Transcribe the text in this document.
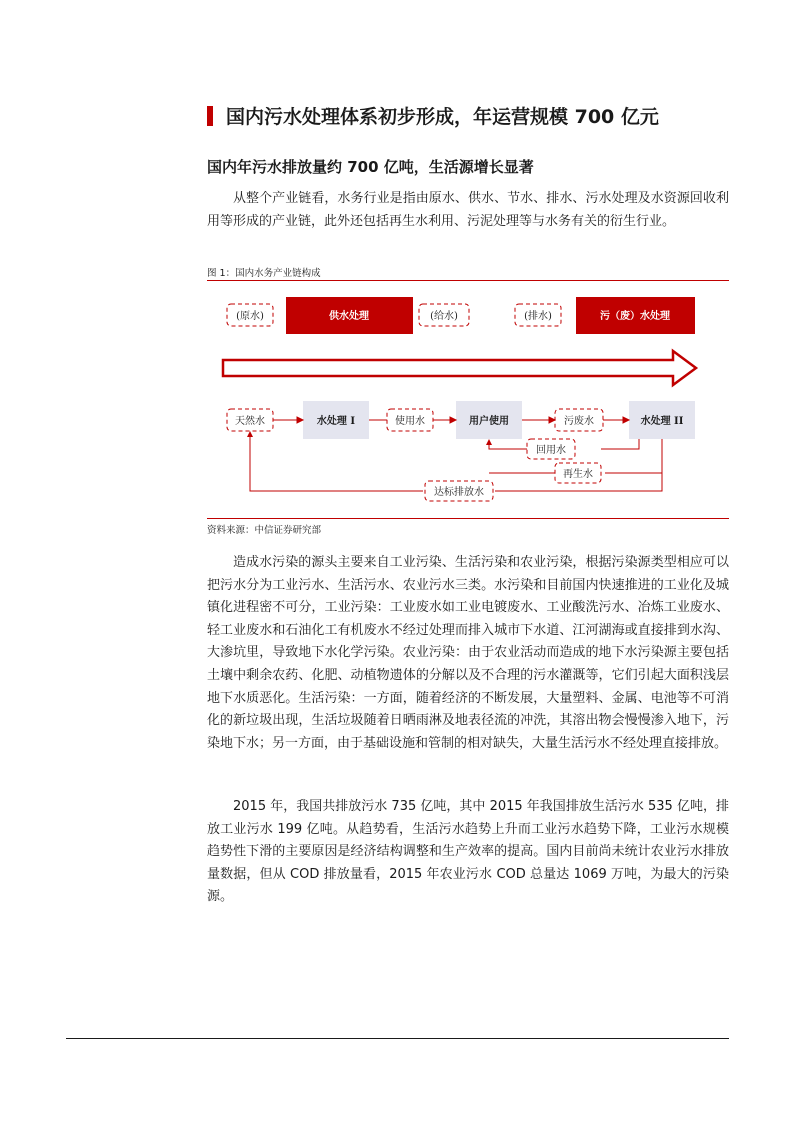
国内污水处理体系初步形成，年运营规模 700 亿元
国内年污水排放量约 700 亿吨，生活源增长显著

从整个产业链看，水务行业是指由原水、供水、节水、排水、污水处理及水资源回收利用等形成的产业链，此外还包括再生水利用、污泥处理等与水务有关的衍生行业。

图 1：国内水务产业链构成
(原水)	供水处理	(给水)	(排水)	污（废）水处理
天然水	水处理 I	使用水	用户使用	污废水	水处理 II
回用水
再生水
达标排放水
资料来源：中信证券研究部

造成水污染的源头主要来自工业污染、生活污染和农业污染，根据污染源类型相应可以把污水分为工业污水、生活污水、农业污水三类。水污染和目前国内快速推进的工业化及城镇化进程密不可分，工业污染：工业废水如工业电镀废水、工业酸洗污水、冶炼工业废水、轻工业废水和石油化工有机废水不经过处理而排入城市下水道、江河湖海或直接排到水沟、大渗坑里，导致地下水化学污染。农业污染：由于农业活动而造成的地下水污染源主要包括土壤中剩余农药、化肥、动植物遗体的分解以及不合理的污水灌溉等，它们引起大面积浅层地下水质恶化。生活污染：一方面，随着经济的不断发展，大量塑料、金属、电池等不可消化的新垃圾出现，生活垃圾随着日晒雨淋及地表径流的冲洗，其溶出物会慢慢渗入地下，污染地下水；另一方面，由于基础设施和管制的相对缺失，大量生活污水不经处理直接排放。

2015 年，我国共排放污水 735 亿吨，其中 2015 年我国排放生活污水 535 亿吨，排放工业污水 199 亿吨。从趋势看，生活污水趋势上升而工业污水趋势下降，工业污水规模趋势性下滑的主要原因是经济结构调整和生产效率的提高。国内目前尚未统计农业污水排放量数据，但从 COD 排放量看，2015 年农业污水 COD 总量达 1069 万吨，为最大的污染源。
